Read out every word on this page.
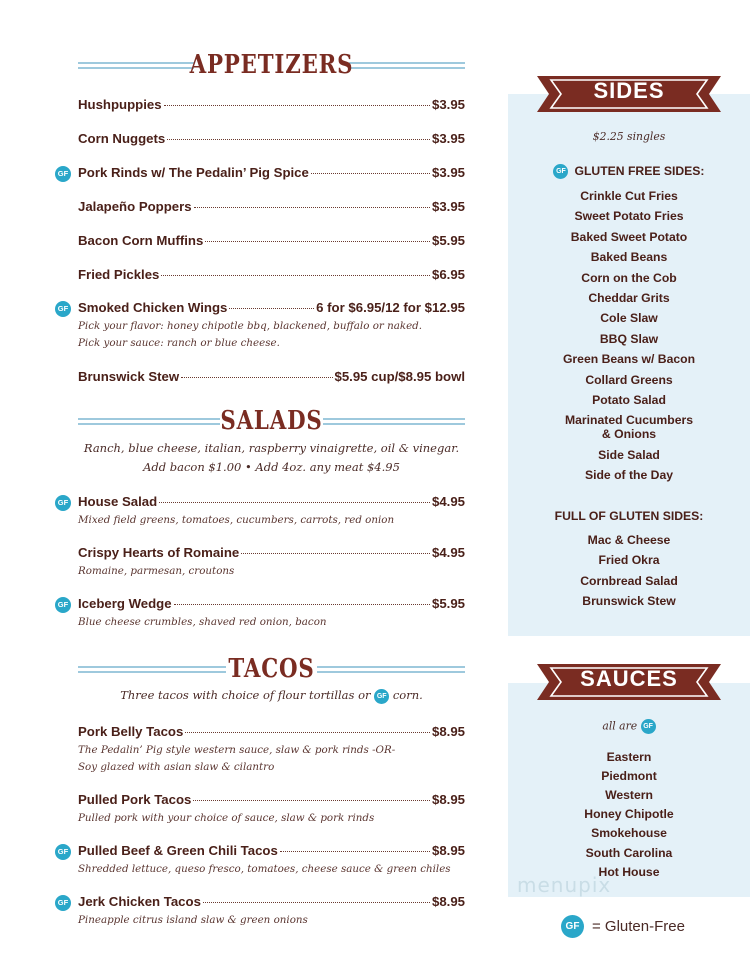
APPETIZERS
Hushpuppies	$3.95
Corn Nuggets	$3.95
Pork Rinds w/ The Pedalin’ Pig Spice	$3.95
GF
Jalapeño Poppers	$3.95
Bacon Corn Muffins	$5.95
Fried Pickles	$6.95
Smoked Chicken Wings	6 for $6.95/12 for $12.95
Pick your flavor: honey chipotle bbq, blackened, buffalo or naked.
Pick your sauce: ranch or blue cheese.
GF
Brunswick Stew	$5.95 cup/$8.95 bowl
SALADS
Ranch, blue cheese, italian, raspberry vinaigrette, oil & vinegar.
Add bacon $1.00 • Add 4oz. any meat $4.95
House Salad	$4.95
Mixed field greens, tomatoes, cucumbers, carrots, red onion
GF
Crispy Hearts of Romaine	$4.95
Romaine, parmesan, croutons
Iceberg Wedge	$5.95
Blue cheese crumbles, shaved red onion, bacon
GF
TACOS
Three tacos with choice of flour tortillas or GF corn.
Pork Belly Tacos	$8.95
The Pedalin’ Pig style western sauce, slaw & pork rinds -OR-
Soy glazed with asian slaw & cilantro
Pulled Pork Tacos	$8.95
Pulled pork with your choice of sauce, slaw & pork rinds
Pulled Beef & Green Chili Tacos	$8.95
Shredded lettuce, queso fresco, tomatoes, cheese sauce & green chiles
GF
Jerk Chicken Tacos	$8.95
Pineapple citrus island slaw & green onions
GF
SIDES
$2.25 singles
GF GLUTEN FREE SIDES:
Crinkle Cut Fries
Sweet Potato Fries
Baked Sweet Potato
Baked Beans
Corn on the Cob
Cheddar Grits
Cole Slaw
BBQ Slaw
Green Beans w/ Bacon
Collard Greens
Potato Salad
Marinated Cucumbers
& Onions
Side Salad
Side of the Day
FULL OF GLUTEN SIDES:
Mac & Cheese
Fried Okra
Cornbread Salad
Brunswick Stew
SAUCES
all are GF
Eastern
Piedmont
Western
Honey Chipotle
Smokehouse
South Carolina
Hot House
menupix
GF = Gluten-Free
